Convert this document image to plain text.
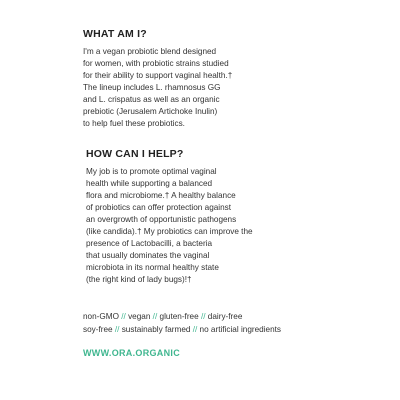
WHAT AM I?
I'm a vegan probiotic blend designed
for women, with probiotic strains studied
for their ability to support vaginal health.†
The lineup includes L. rhamnosus GG
and L. crispatus as well as an organic
prebiotic (Jerusalem Artichoke Inulin)
to help fuel these probiotics.
HOW CAN I HELP?
My job is to promote optimal vaginal
health while supporting a balanced
flora and microbiome.† A healthy balance
of probiotics can offer protection against
an overgrowth of opportunistic pathogens
(like candida).† My probiotics can improve the
presence of Lactobacilli, a bacteria
that usually dominates the vaginal
microbiota in its normal healthy state
(the right kind of lady bugs)!†
non-GMO // vegan // gluten-free // dairy-free
soy-free // sustainably farmed // no artificial ingredients
WWW.ORA.ORGANIC
